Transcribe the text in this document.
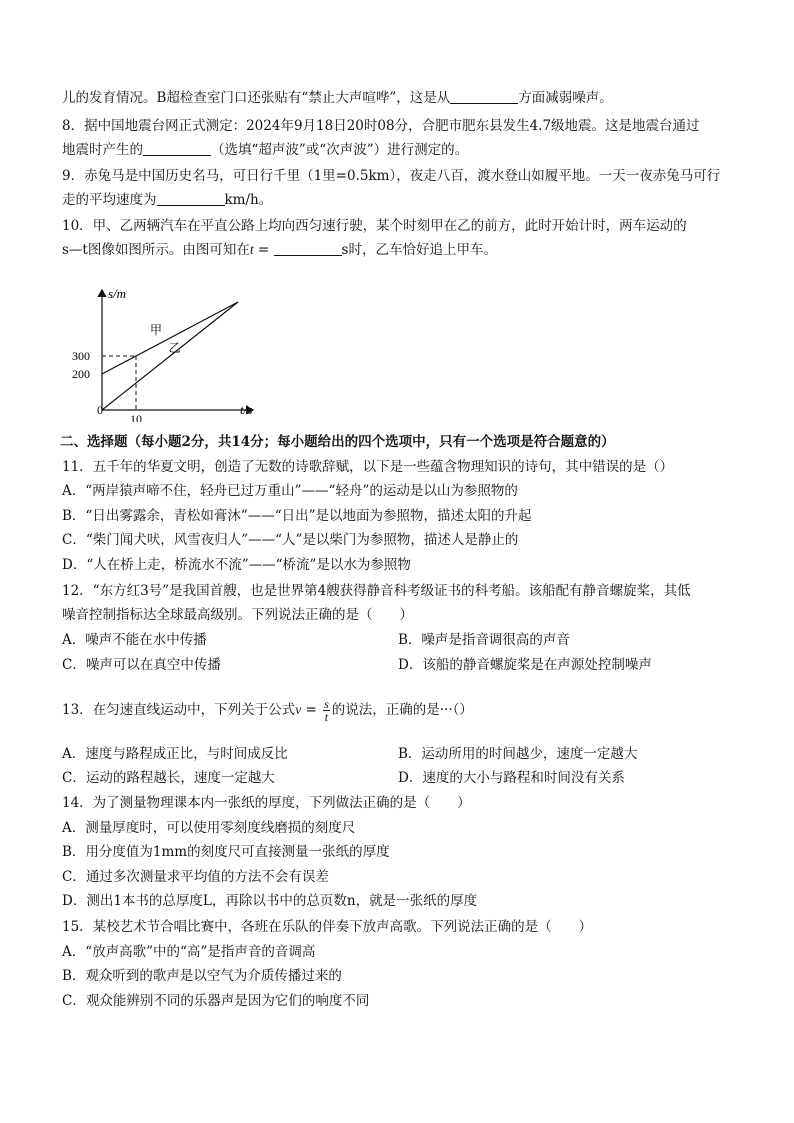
儿的发育情况。B超检查室门口还张贴有“禁止大声喧哗”，这是从	方面减弱噪声。
8．据中国地震台网正式测定：2024年9月18日20时08分，合肥市肥东县发生4.7级地震。这是地震台通过
地震时产生的	（选填“超声波”或“次声波”）进行测定的。
9．赤兔马是中国历史名马，可日行千里（1里=0.5km），夜走八百，渡水登山如履平地。一天一夜赤兔马可行
走的平均速度为	km/h。
10．甲、乙两辆汽车在平直公路上均向西匀速行驶，某个时刻甲在乙的前方，此时开始计时，两车运动的
s—t图像如图所示。由图可知在t =	s时，乙车恰好追上甲车。
s/m
t/s
0
200
300
10
甲
乙
二、选择题（每小题2分，共14分；每小题给出的四个选项中，只有一个选项是符合题意的）
11．五千年的华夏文明，创造了无数的诗歌辞赋，以下是一些蕴含物理知识的诗句，其中错误的是（）
A．“两岸猿声啼不住，轻舟已过万重山”——“轻舟”的运动是以山为参照物的
B．“日出雾露余，青松如膏沐”——“日出”是以地面为参照物，描述太阳的升起
C．“柴门闻犬吠，风雪夜归人”——“人”是以柴门为参照物，描述人是静止的
D．“人在桥上走，桥流水不流”——“桥流”是以水为参照物
12．“东方红3号”是我国首艘，也是世界第4艘获得静音科考级证书的科考船。该船配有静音螺旋桨，其低
噪音控制指标达全球最高级别。下列说法正确的是（　　）
A．噪声不能在水中传播	B．噪声是指音调很高的声音
C．噪声可以在真空中传播	D．该船的静音螺旋桨是在声源处控制噪声
13．在匀速直线运动中，下列关于公式$v = \frac{s}{t}$ 的说法，正确的是···（）
A．速度与路程成正比，与时间成反比	B．运动所用的时间越少，速度一定越大
C．运动的路程越长，速度一定越大	D．速度的大小与路程和时间没有关系
14．为了测量物理课本内一张纸的厚度，下列做法正确的是（　　）
A．测量厚度时，可以使用零刻度线磨损的刻度尺
B．用分度值为1mm的刻度尺可直接测量一张纸的厚度
C．通过多次测量求平均值的方法不会有误差
D．测出1本书的总厚度L，再除以书中的总页数n，就是一张纸的厚度
15．某校艺术节合唱比赛中，各班在乐队的伴奏下放声高歌。下列说法正确的是（　　）
A．“放声高歌”中的“高”是指声音的音调高
B．观众听到的歌声是以空气为介质传播过来的
C．观众能辨别不同的乐器声是因为它们的响度不同
